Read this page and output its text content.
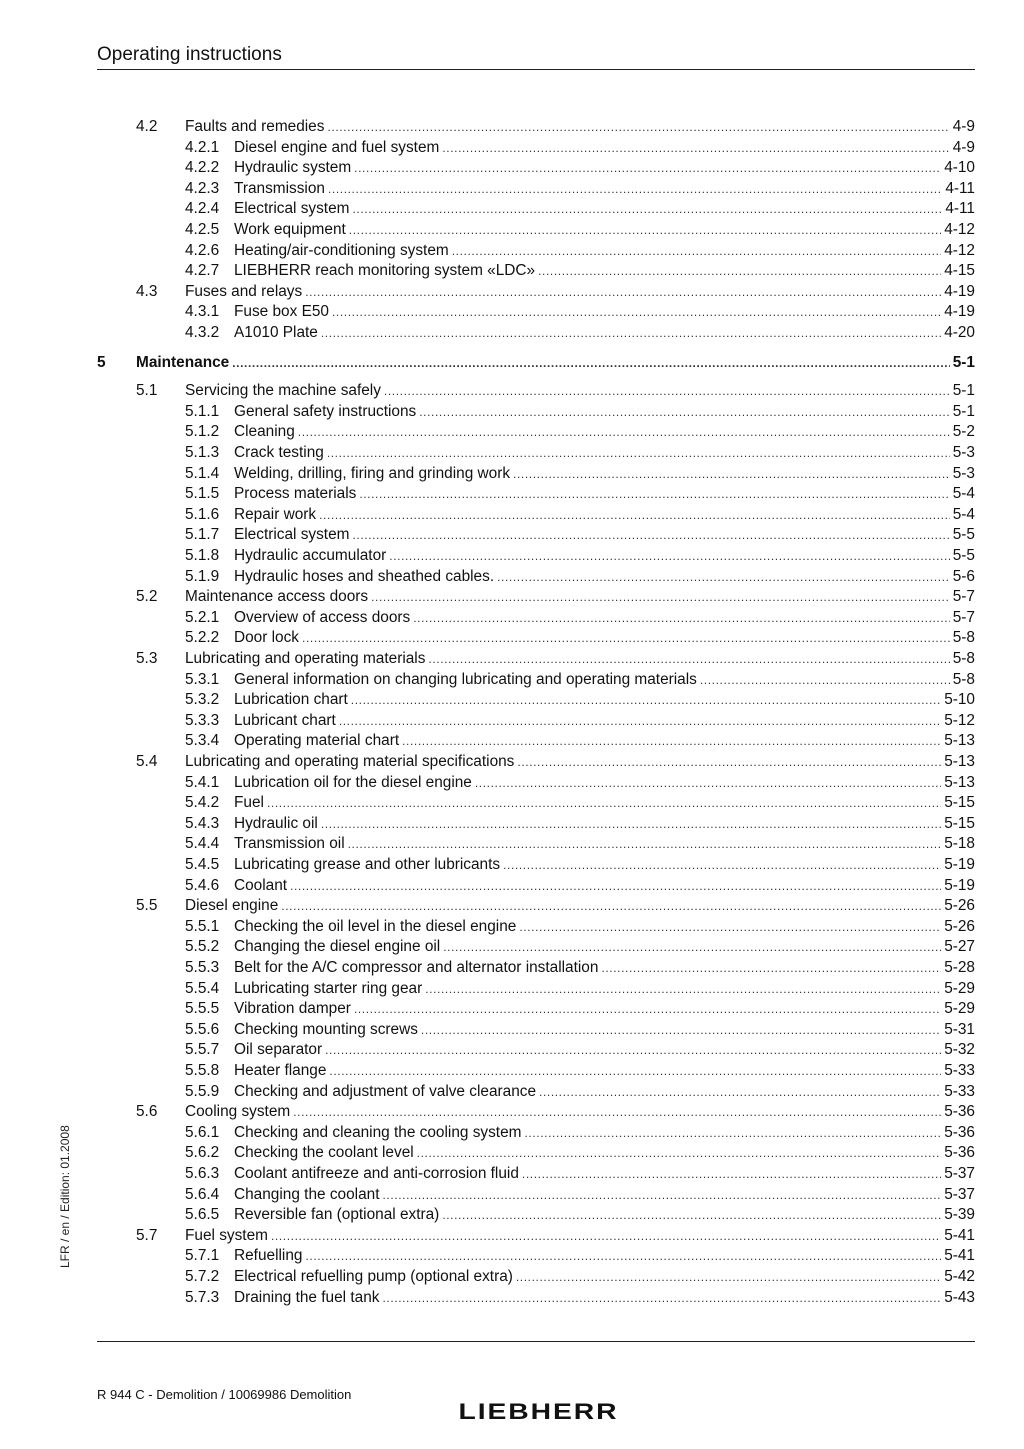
Operating instructions
4.2	Faults and remedies .....	4-9
4.2.1 Diesel engine and fuel system .....	4-9
4.2.2 Hydraulic system .....	4-10
4.2.3 Transmission .....	4-11
4.2.4 Electrical system .....	4-11
4.2.5 Work equipment .....	4-12
4.2.6 Heating/air-conditioning system .....	4-12
4.2.7 LIEBHERR reach monitoring system «LDC» .....	4-15
4.3	Fuses and relays .....	4-19
4.3.1 Fuse box E50 .....	4-19
4.3.2 A1010 Plate .....	4-20
5	Maintenance .....	5-1
5.1	Servicing the machine safely .....	5-1
5.1.1 General safety instructions .....	5-1
5.1.2 Cleaning .....	5-2
5.1.3 Crack testing .....	5-3
5.1.4 Welding, drilling, firing and grinding work .....	5-3
5.1.5 Process materials .....	5-4
5.1.6 Repair work .....	5-4
5.1.7 Electrical system .....	5-5
5.1.8 Hydraulic accumulator .....	5-5
5.1.9 Hydraulic hoses and sheathed cables. .....	5-6
5.2	Maintenance access doors .....	5-7
5.2.1 Overview of access doors .....	5-7
5.2.2 Door lock .....	5-8
5.3	Lubricating and operating materials .....	5-8
5.3.1 General information on changing lubricating and operating materials .....	5-8
5.3.2 Lubrication chart .....	5-10
5.3.3 Lubricant chart .....	5-12
5.3.4 Operating material chart .....	5-13
5.4	Lubricating and operating material specifications .....	5-13
5.4.1 Lubrication oil for the diesel engine .....	5-13
5.4.2 Fuel .....	5-15
5.4.3 Hydraulic oil .....	5-15
5.4.4 Transmission oil .....	5-18
5.4.5 Lubricating grease and other lubricants .....	5-19
5.4.6 Coolant .....	5-19
5.5	Diesel engine .....	5-26
5.5.1 Checking the oil level in the diesel engine .....	5-26
5.5.2 Changing the diesel engine oil .....	5-27
5.5.3 Belt for the A/C compressor and alternator installation .....	5-28
5.5.4 Lubricating starter ring gear .....	5-29
5.5.5 Vibration damper .....	5-29
5.5.6 Checking mounting screws .....	5-31
5.5.7 Oil separator .....	5-32
5.5.8 Heater flange .....	5-33
5.5.9 Checking and adjustment of valve clearance .....	5-33
5.6	Cooling system .....	5-36
5.6.1 Checking and cleaning the cooling system .....	5-36
5.6.2 Checking the coolant level .....	5-36
5.6.3 Coolant antifreeze and anti-corrosion fluid .....	5-37
5.6.4 Changing the coolant .....	5-37
5.6.5 Reversible fan (optional extra) .....	5-39
5.7	Fuel system .....	5-41
5.7.1 Refuelling .....	5-41
5.7.2 Electrical refuelling pump (optional extra) .....	5-42
5.7.3 Draining the fuel tank .....	5-43
R 944 C - Demolition / 10069986 Demolition
LFR / en / Edition: 01.2008
LIEBHERR
